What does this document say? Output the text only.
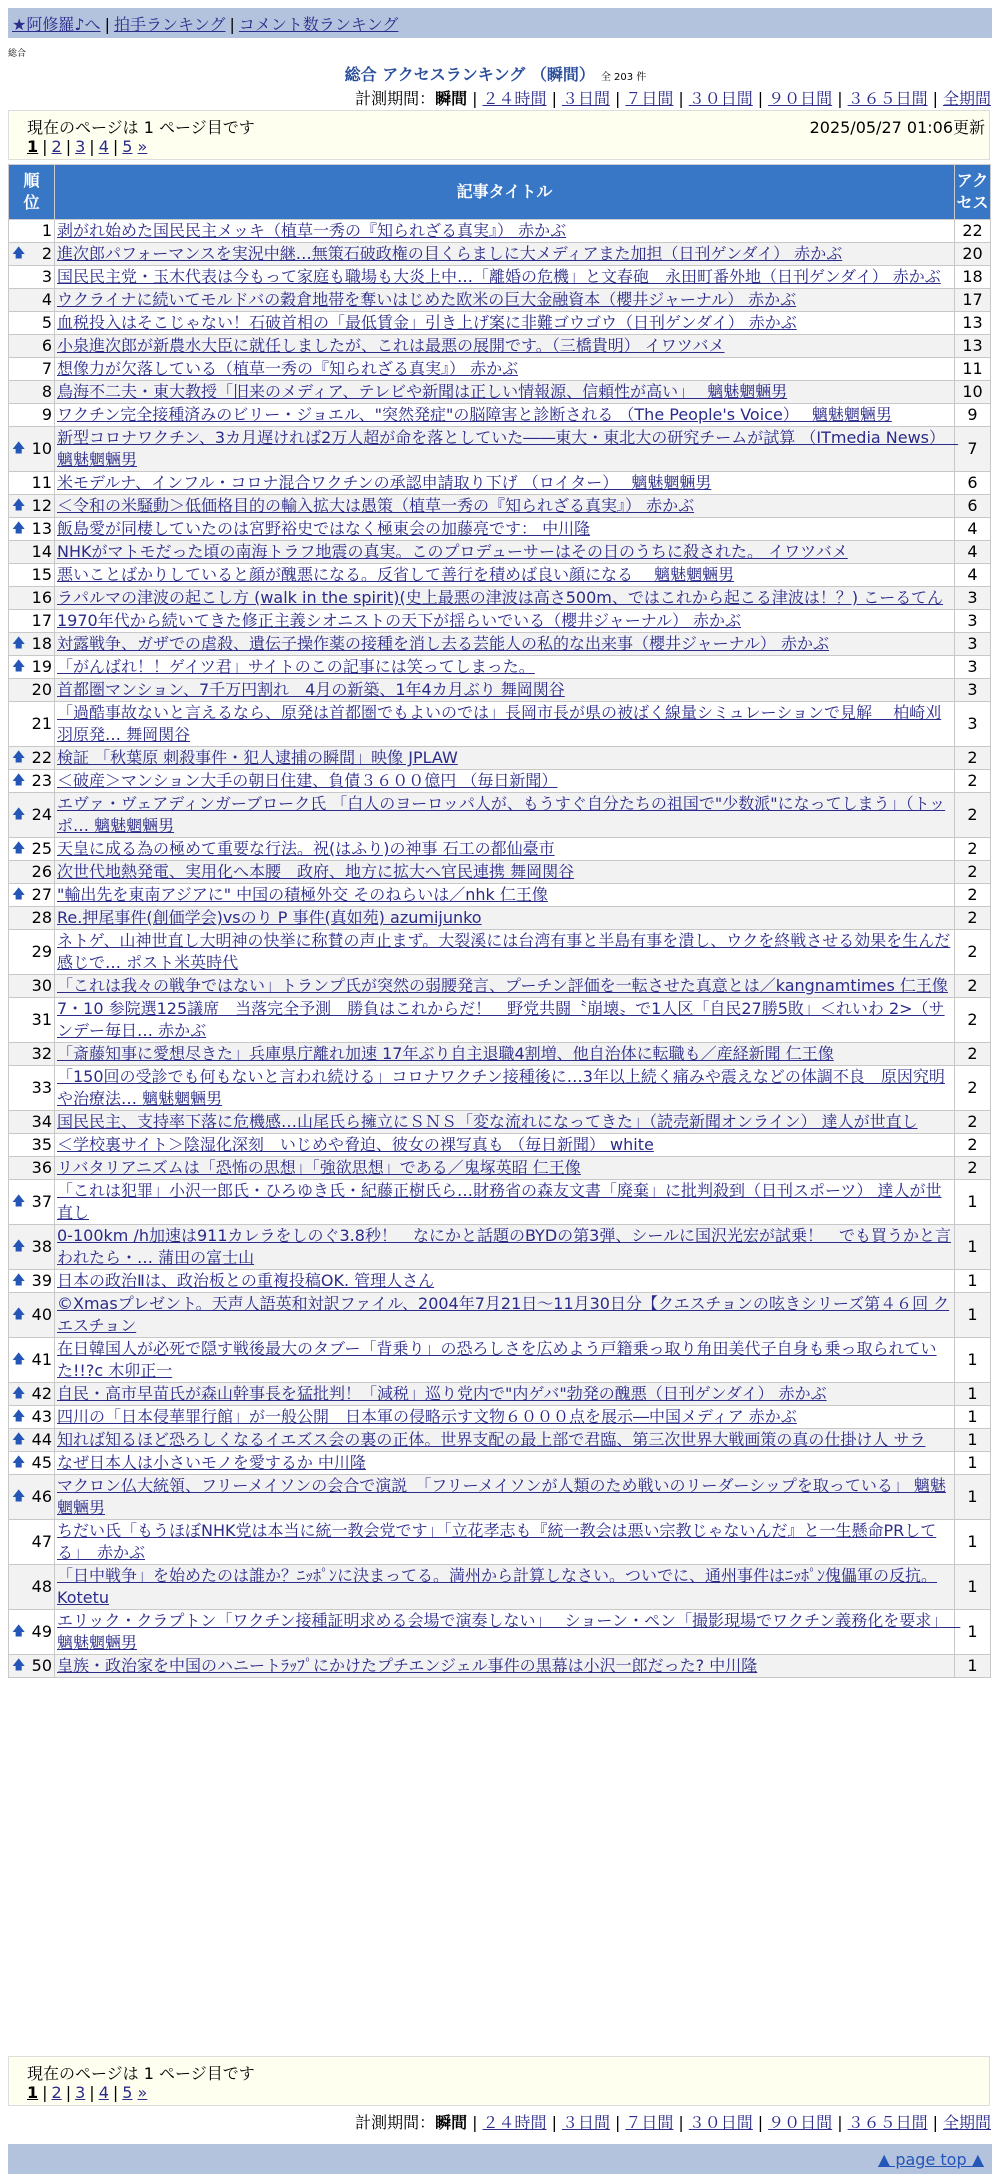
★阿修羅♪へ | 拍手ランキング | コメント数ランキング
総合
総合 アクセスランキング （瞬間） 全 203 件
計測期間：瞬間 | ２４時間 | ３日間 | ７日間 | ３０日間 | ９０日間 | ３６５日間 | 全期間
現在のページは 1 ページ目です	2025/05/27 01:06更新
1 | 2 | 3 | 4 | 5 »
順位	記事タイトル	アクセス
1	剥がれ始めた国民民主メッキ（植草一秀の『知られざる真実』） 赤かぶ	22

🡅 2	進次郎パフォーマンスを実況中継…無策石破政権の目くらましに大メディアまた加担（日刊ゲンダイ） 赤かぶ	20
3	国民民主党・玉木代表は今もって家庭も職場も大炎上中…「離婚の危機」と文春砲　永田町番外地（日刊ゲンダイ） 赤かぶ	18
4	ウクライナに続いてモルドバの穀倉地帯を奪いはじめた欧米の巨大金融資本（櫻井ジャーナル） 赤かぶ	17
5	血税投入はそこじゃない！石破首相の「最低賃金」引き上げ案に非難ゴウゴウ（日刊ゲンダイ） 赤かぶ	13
6	小泉進次郎が新農水大臣に就任しましたが、これは最悪の展開です。（三橋貴明） イワツバメ	13
7	想像力が欠落している（植草一秀の『知られざる真実』） 赤かぶ	11
8	鳥海不二夫・東大教授「旧来のメディア、テレビや新聞は正しい情報源、信頼性が高い」　 魑魅魍魎男	10
9	ワクチン完全接種済みのビリー・ジョエル、"突然発症"の脳障害と診断される （The People's Voice）　 魑魅魍魎男	9

🡅 10	新型コロナワクチン、3カ月遅ければ2万人超が命を落としていた――東大・東北大の研究チームが試算 （ITmedia News）　 魑魅魍魎男	7
11	米モデルナ、インフル・コロナ混合ワクチンの承認申請取り下げ （ロイター）　 魑魅魍魎男	6

🡅 12	＜令和の米騒動＞低価格目的の輸入拡大は愚策（植草一秀の『知られざる真実』） 赤かぶ	6

🡅 13	飯島愛が同棲していたのは宮野裕史ではなく極東会の加藤亮です： 中川隆	4
14	NHKがマトモだった頃の南海トラフ地震の真実。このプロデューサーはその日のうちに殺された。 イワツバメ	4
15	悪いことばかりしていると顔が醜悪になる。反省して善行を積めば良い顔になる　 魑魅魍魎男	4
16	ラパルマの津波の起こし方 (walk in the spirit)(史上最悪の津波は高さ500m、ではこれから起こる津波は！？) こーるてん	3
17	1970年代から続いてきた修正主義シオニストの天下が揺らいでいる（櫻井ジャーナル） 赤かぶ	3

🡅 18	対露戦争、ガザでの虐殺、遺伝子操作薬の接種を消し去る芸能人の私的な出来事（櫻井ジャーナル） 赤かぶ	3

🡅 19	「がんばれ！！ゲイツ君」サイトのこの記事には笑ってしまった。	3
20	首都圏マンション、7千万円割れ　4月の新築、1年4カ月ぶり 舞岡関谷	3
21	「過酷事故ないと言えるなら、原発は首都圏でもよいのでは」長岡市長が県の被ばく線量シミュレーションで見解　 柏崎刈羽原発… 舞岡関谷	3

🡅 22	検証 「秋葉原 刺殺事件・犯人逮捕の瞬間」映像 JPLAW	2

🡅 23	＜破産＞マンション大手の朝日住建、負債３６００億円 （毎日新聞）	2

🡅 24	エヴァ・ヴェアディンガーブローク氏 「白人のヨーロッパ人が、もうすぐ自分たちの祖国で"少数派"になってしまう」（トッポ… 魑魅魍魎男	2

🡅 25	天皇に成る為の極めて重要な行法。祝(はふり)の神事 石工の都仙臺市	2
26	次世代地熱発電、実用化へ本腰　政府、地方に拡大へ官民連携 舞岡関谷	2

🡅 27	"輸出先を東南アジアに" 中国の積極外交 そのねらいは／nhk 仁王像	2
28	Re.押尾事件(創価学会)vsのり P 事件(真如苑) azumijunko	2
29	ネトゲ、山神世直し大明神の快挙に称賛の声止まず。大裂溪には台湾有事と半島有事を潰し、ウクを終戦させる効果を生んだ感じで… ポスト米英時代	2
30	「これは我々の戦争ではない」トランプ氏が突然の弱腰発言、プーチン評価を一転させた真意とは／kangnamtimes 仁王像	2
31	7・10 参院選125議席　当落完全予測　勝負はこれからだ！　野党共闘〝崩壊〟で1人区「自民27勝5敗」＜れいわ 2>（サンデー毎日… 赤かぶ	2
32	「斎藤知事に愛想尽きた」兵庫県庁離れ加速 17年ぶり自主退職4割増、他自治体に転職も／産経新聞 仁王像	2
33	「150回の受診でも何もないと言われ続ける」コロナワクチン接種後に…3年以上続く痛みや震えなどの体調不良　原因究明や治療法… 魑魅魍魎男	2
34	国民民主、支持率下落に危機感…山尾氏ら擁立にＳＮＳ「変な流れになってきた」（読売新聞オンライン） 達人が世直し	2
35	＜学校裏サイト＞陰湿化深刻　いじめや脅迫、彼女の裸写真も （毎日新聞） white	2
36	リバタリアニズムは「恐怖の思想」「強欲思想」である／鬼塚英昭 仁王像	2

🡅 37	「これは犯罪」小沢一郎氏・ひろゆき氏・紀藤正樹氏ら…財務省の森友文書「廃棄」に批判殺到（日刊スポーツ） 達人が世直し	1

🡅 38	0-100km /h加速は911カレラをしのぐ3.8秒！　なにかと話題のBYDの第3弾、シールに国沢光宏が試乗！　でも買うかと言われたら・… 蒲田の富士山	1

🡅 39	日本の政治Ⅱは、政治板との重複投稿OK. 管理人さん	1

🡅 40	©Xmasプレゼント。天声人語英和対訳ファイル、2004年7月21日〜11月30日分【クエスチョンの呟きシリーズ第４６回 クエスチョン	1

🡅 41	在日韓国人が必死で隠す戦後最大のタブー「背乗り」の恐ろしさを広めよう戸籍乗っ取り角田美代子自身も乗っ取られていた!!?c 木卯正一	1

🡅 42	自民・高市早苗氏が森山幹事長を猛批判！「減税」巡り党内で"内ゲバ"勃発の醜悪（日刊ゲンダイ） 赤かぶ	1

🡅 43	四川の「日本侵華罪行館」が一般公開　日本軍の侵略示す文物６０００点を展示―中国メディア 赤かぶ	1

🡅 44	知れば知るほど恐ろしくなるイエズス会の裏の正体。世界支配の最上部で君臨、第三次世界大戦画策の真の仕掛け人 サラ	1

🡅 45	なぜ日本人は小さいモノを愛するか 中川隆	1

🡅 46	マクロン仏大統領、フリーメイソンの会合で演説　「フリーメイソンが人類のため戦いのリーダーシップを取っている」 魑魅魍魎男	1
47	ちだい氏「もうほぼNHK党は本当に統一教会党です」「立花孝志も『統一教会は悪い宗教じゃないんだ』と一生懸命PRしてる」　赤かぶ	1
48	「日中戦争」を始めたのは誰か？ﾆｯﾎﾟﾝに決まってる。満州から計算しなさい。ついでに、通州事件はﾆｯﾎﾟﾝ傀儡軍の反抗。 Kotetu	1

🡅 49	エリック・クラプトン「ワクチン接種証明求める会場で演奏しない」　 ショーン・ペン「撮影現場でワクチン義務化を要求」　 魑魅魍魎男	1

🡅 50	皇族・政治家を中国のハニートﾗｯﾌﾟにかけたプチエンジェル事件の黒幕は小沢一郎だった? 中川隆	1
現在のページは 1 ページ目です
1 | 2 | 3 | 4 | 5 »
計測期間：瞬間 | ２４時間 | ３日間 | ７日間 | ３０日間 | ９０日間 | ３６５日間 | 全期間
▲ page top ▲
